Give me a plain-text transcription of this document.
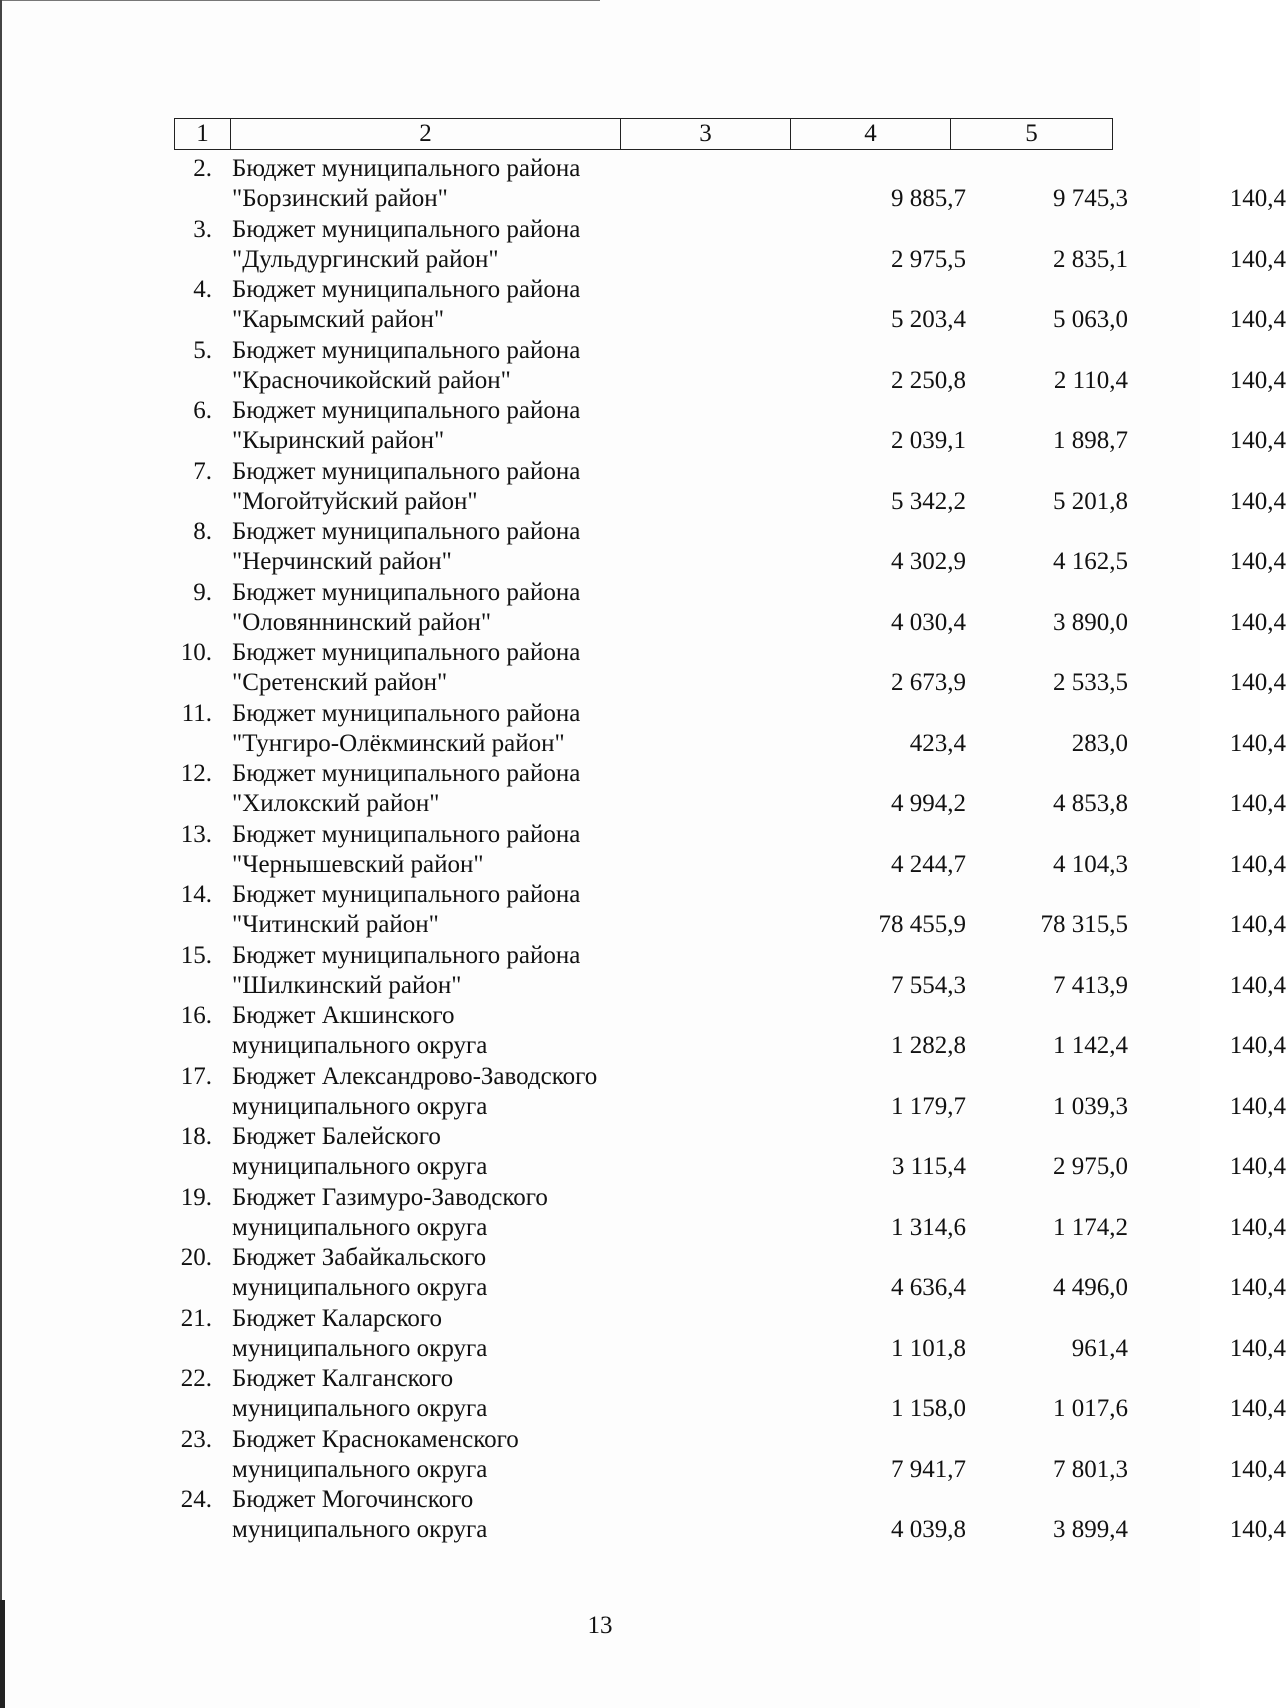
1	2	3	4	5
2. Бюджет муниципального района
"Борзинский район"	9 885,7	9 745,3	140,4
3. Бюджет муниципального района
"Дульдургинский район"	2 975,5	2 835,1	140,4
4. Бюджет муниципального района
"Карымский район"	5 203,4	5 063,0	140,4
5. Бюджет муниципального района
"Красночикойский район"	2 250,8	2 110,4	140,4
6. Бюджет муниципального района
"Кыринский район"	2 039,1	1 898,7	140,4
7. Бюджет муниципального района
"Могойтуйский район"	5 342,2	5 201,8	140,4
8. Бюджет муниципального района
"Нерчинский район"	4 302,9	4 162,5	140,4
9. Бюджет муниципального района
"Оловяннинский район"	4 030,4	3 890,0	140,4
10. Бюджет муниципального района
"Сретенский район"	2 673,9	2 533,5	140,4
11. Бюджет муниципального района
"Тунгиро-Олёкминский район"	423,4	283,0	140,4
12. Бюджет муниципального района
"Хилокский район"	4 994,2	4 853,8	140,4
13. Бюджет муниципального района
"Чернышевский район"	4 244,7	4 104,3	140,4
14. Бюджет муниципального района
"Читинский район"	78 455,9	78 315,5	140,4
15. Бюджет муниципального района
"Шилкинский район"	7 554,3	7 413,9	140,4
16. Бюджет Акшинского
муниципального округа	1 282,8	1 142,4	140,4
17. Бюджет Александрово-Заводского
муниципального округа	1 179,7	1 039,3	140,4
18. Бюджет Балейского
муниципального округа	3 115,4	2 975,0	140,4
19. Бюджет Газимуро-Заводского
муниципального округа	1 314,6	1 174,2	140,4
20. Бюджет Забайкальского
муниципального округа	4 636,4	4 496,0	140,4
21. Бюджет Каларского
муниципального округа	1 101,8	961,4	140,4
22. Бюджет Калганского
муниципального округа	1 158,0	1 017,6	140,4
23. Бюджет Краснокаменского
муниципального округа	7 941,7	7 801,3	140,4
24. Бюджет Могочинского
муниципального округа	4 039,8	3 899,4	140,4
13
